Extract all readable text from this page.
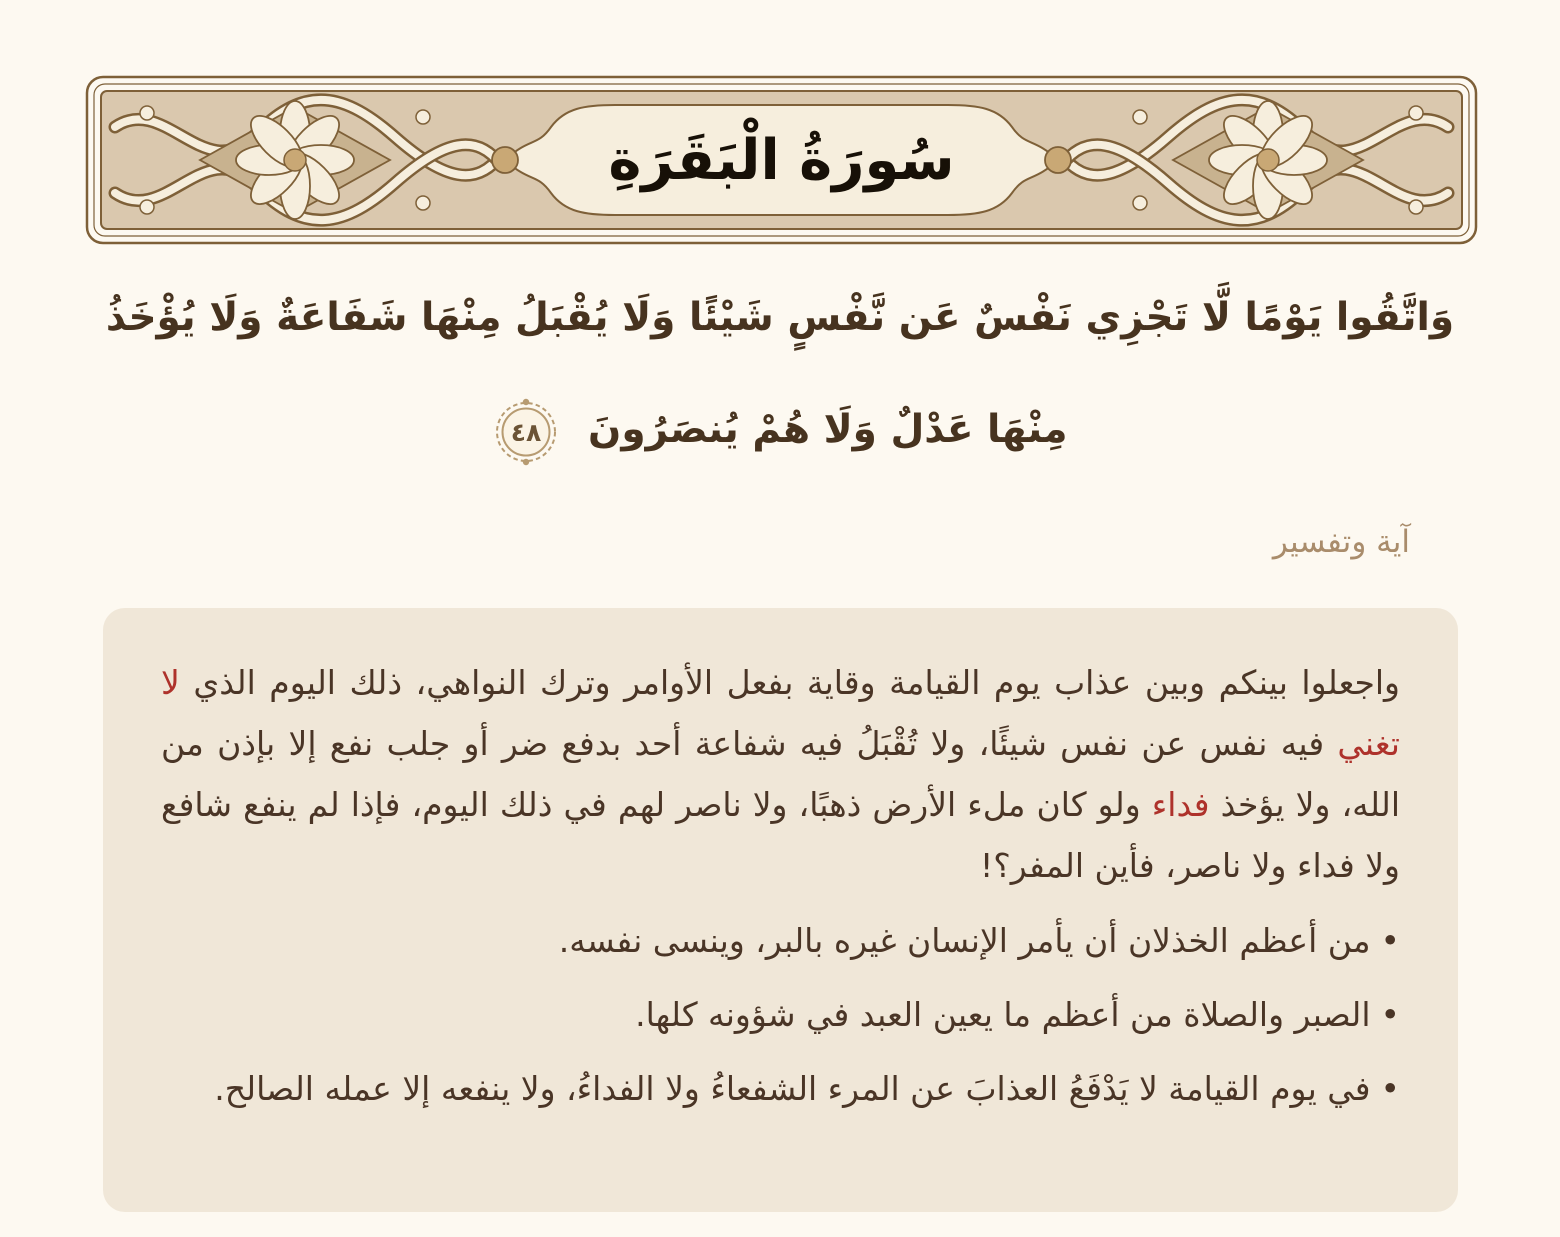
سُورَةُ الْبَقَرَةِ
وَاتَّقُوا يَوْمًا لَّا تَجْزِي نَفْسٌ عَن نَّفْسٍ شَيْئًا وَلَا يُقْبَلُ مِنْهَا شَفَاعَةٌ وَلَا يُؤْخَذُ
مِنْهَا عَدْلٌ وَلَا هُمْ يُنصَرُونَ
٤٨
آية وتفسير

واجعلوا بينكم وبين عذاب يوم القيامة وقاية بفعل الأوامر وترك النواهي، ذلك اليوم الذي لا تغني فيه نفس عن نفس شيئًا، ولا تُقْبَلُ فيه شفاعة أحد بدفع ضر أو جلب نفع إلا بإذن من الله، ولا يؤخذ فداء ولو كان ملء الأرض ذهبًا، ولا ناصر لهم في ذلك اليوم، فإذا لم ينفع شافع ولا فداء ولا ناصر، فأين المفر؟!

•من أعظم الخذلان أن يأمر الإنسان غيره بالبر، وينسى نفسه.
•الصبر والصلاة من أعظم ما يعين العبد في شؤونه كلها.
•في يوم القيامة لا يَدْفَعُ العذابَ عن المرء الشفعاءُ ولا الفداءُ، ولا ينفعه إلا عمله الصالح.
